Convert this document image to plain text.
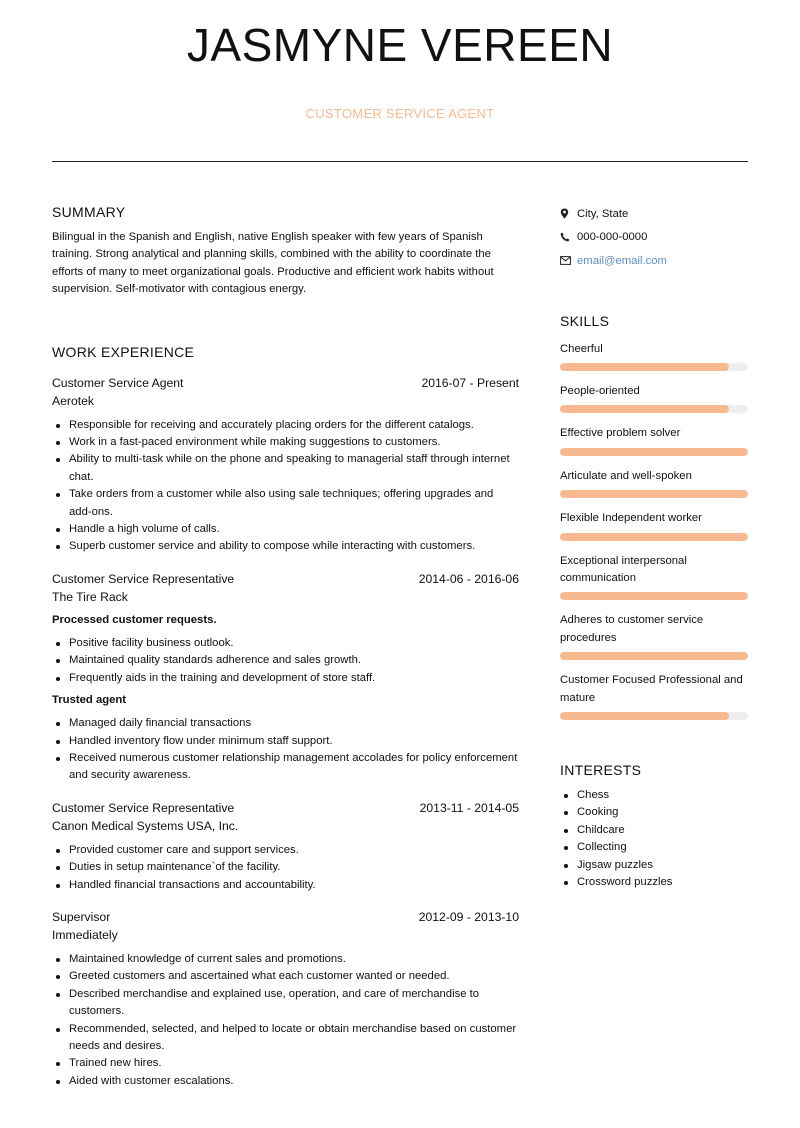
JASMYNE VEREEN
CUSTOMER SERVICE AGENT
SUMMARY

Bilingual in the Spanish and English, native English speaker with few years of Spanish training. Strong analytical and planning skills, combined with the ability to coordinate the efforts of many to meet organizational goals. Productive and efficient work habits without supervision. Self-motivator with contagious energy.

WORK EXPERIENCE
Customer Service Agent	2016-07 - Present
Aerotek
Responsible for receiving and accurately placing orders for the different catalogs.
Work in a fast-paced environment while making suggestions to customers.
Ability to multi-task while on the phone and speaking to managerial staff through internet chat.
Take orders from a customer while also using sale techniques; offering upgrades and add-ons.
Handle a high volume of calls.
Superb customer service and ability to compose while interacting with customers.
Customer Service Representative	2014-06 - 2016-06
The Tire Rack
Processed customer requests.
Positive facility business outlook.
Maintained quality standards adherence and sales growth.
Frequently aids in the training and development of store staff.
Trusted agent
Managed daily financial transactions
Handled inventory flow under minimum staff support.
Received numerous customer relationship management accolades for policy enforcement and security awareness.
Customer Service Representative	2013-11 - 2014-05
Canon Medical Systems USA, Inc.
Provided customer care and support services.
Duties in setup maintenance`of the facility.
Handled financial transactions and accountability.
Supervisor	2012-09 - 2013-10
Immediately
Maintained knowledge of current sales and promotions.
Greeted customers and ascertained what each customer wanted or needed.
Described merchandise and explained use, operation, and care of merchandise to customers.
Recommended, selected, and helped to locate or obtain merchandise based on customer needs and desires.
Trained new hires.
Aided with customer escalations.
City, State
000-000-0000
email@email.com
SKILLS
Cheerful
People-oriented
Effective problem solver
Articulate and well-spoken
Flexible Independent worker
Exceptional interpersonal communication
Adheres to customer service procedures
Customer Focused Professional and mature
INTERESTS
Chess
Cooking
Childcare
Collecting
Jigsaw puzzles
Crossword puzzles
